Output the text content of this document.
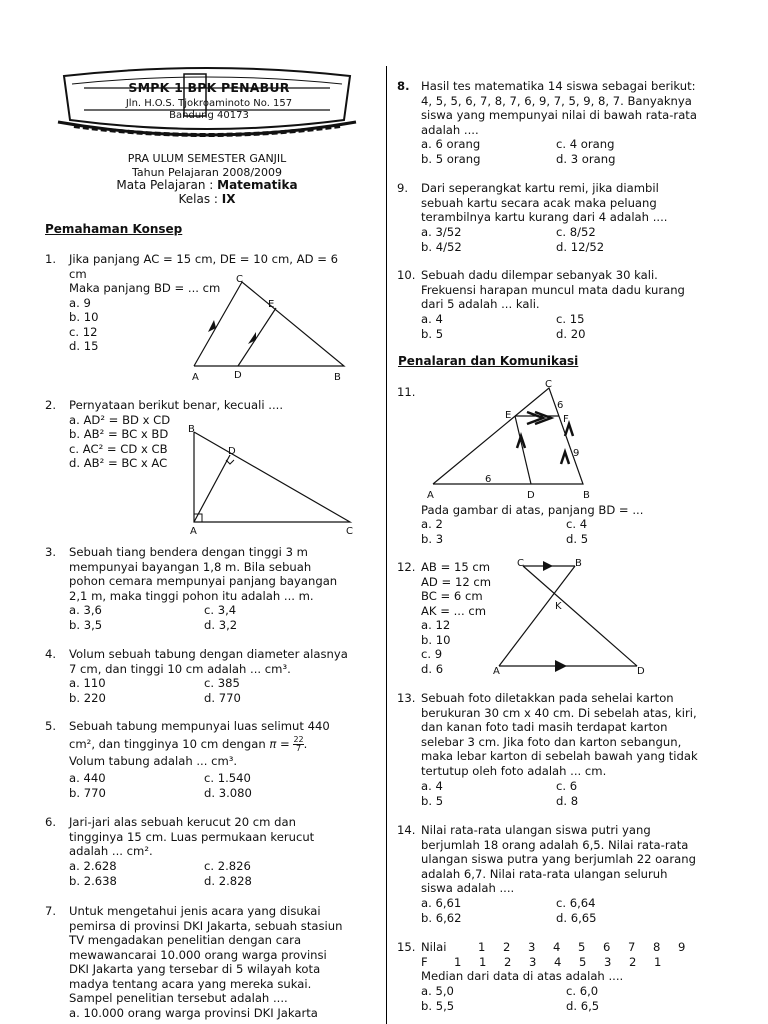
SMPK 1 BPK PENABUR
Jln. H.O.S. Tjokroaminoto No. 157
Bandung 40173
PRA ULUM SEMESTER GANJIL
Tahun Pelajaran 2008/2009
Mata Pelajaran : Matematika
Kelas : IX
Pemahaman Konsep
1. Jika panjang AC = 15 cm, DE = 10 cm, AD = 6
cm
Maka panjang BD = ... cm
a. 9
b. 10
c. 12
d. 15
C
E
A	D	B
2. Pernyataan berikut benar, kecuali ....
a. AD² = BD x CD
b. AB² = BC x BD
c. AC² = CD x CB
d. AB² = BC x AC
B
D
A	C
3. Sebuah tiang bendera dengan tinggi 3 m
mempunyai bayangan 1,8 m. Bila sebuah
pohon cemara mempunyai panjang bayangan
2,1 m, maka tinggi pohon itu adalah ... m.
a. 3,6	c. 3,4
b. 3,5	d. 3,2
4. Volum sebuah tabung dengan diameter alasnya
7 cm, dan tinggi 10 cm adalah ... cm³.
a. 110	c. 385
b. 220	d. 770
5. Sebuah tabung mempunyai luas selimut 440
cm², dan tingginya 10 cm dengan $\pi = \frac{22}{7}$ .
Volum tabung adalah ... cm³.
a. 440	c. 1.540
b. 770	d. 3.080
6. Jari-jari alas sebuah kerucut 20 cm dan
tingginya 15 cm. Luas permukaan kerucut
adalah ... cm².
a. 2.628	c. 2.826
b. 2.638	d. 2.828
7. Untuk mengetahui jenis acara yang disukai
pemirsa di provinsi DKI Jakarta, sebuah stasiun
TV mengadakan penelitian dengan cara
mewawancarai 10.000 orang warga provinsi
DKI Jakarta yang tersebar di 5 wilayah kota
madya tentang acara yang mereka sukai.
Sampel penelitian tersebut adalah ....
a. 10.000 orang warga provinsi DKI Jakarta
8. Hasil tes matematika 14 siswa sebagai berikut:
4, 5, 5, 6, 7, 8, 7, 6, 9, 7, 5, 9, 8, 7. Banyaknya
siswa yang mempunyai nilai di bawah rata-rata
adalah ....
a. 6 orang	c. 4 orang
b. 5 orang	d. 3 orang
9. Dari seperangkat kartu remi, jika diambil
sebuah kartu secara acak maka peluang
terambilnya kartu kurang dari 4 adalah ....
a. 3/52	c. 8/52
b. 4/52	d. 12/52
10. Sebuah dadu dilempar sebanyak 30 kali.
Frekuensi harapan muncul mata dadu kurang
dari 5 adalah ... kali.
a. 4	c. 15
b. 5	d. 20
Penalaran dan Komunikasi
11.
C
E	F
6
9
6
A	D	B
Pada gambar di atas, panjang BD = ...
a. 2	c. 4
b. 3	d. 5
12. AB = 15 cm
AD = 12 cm
BC = 6 cm
AK = ... cm
a. 12
b. 10
c. 9
d. 6
C	B
K
A	D
13. Sebuah foto diletakkan pada sehelai karton
berukuran 30 cm x 40 cm. Di sebelah atas, kiri,
dan kanan foto tadi masih terdapat karton
selebar 3 cm. Jika foto dan karton sebangun,
maka lebar karton di sebelah bawah yang tidak
tertutup oleh foto adalah ... cm.
a. 4	c. 6
b. 5	d. 8
14. Nilai rata-rata ulangan siswa putri yang
berjumlah 18 orang adalah 6,5. Nilai rata-rata
ulangan siswa putra yang berjumlah 22 oarang
adalah 6,7. Nilai rata-rata ulangan seluruh
siswa adalah ....
a. 6,61	c. 6,64
b. 6,62	d. 6,65
15. Nilai	1 2 3 4 5 6 7 8 9
F 1 1 2 3 4 5 3 2 1
Median dari data di atas adalah ....
a. 5,0	c. 6,0
b. 5,5	d. 6,5
